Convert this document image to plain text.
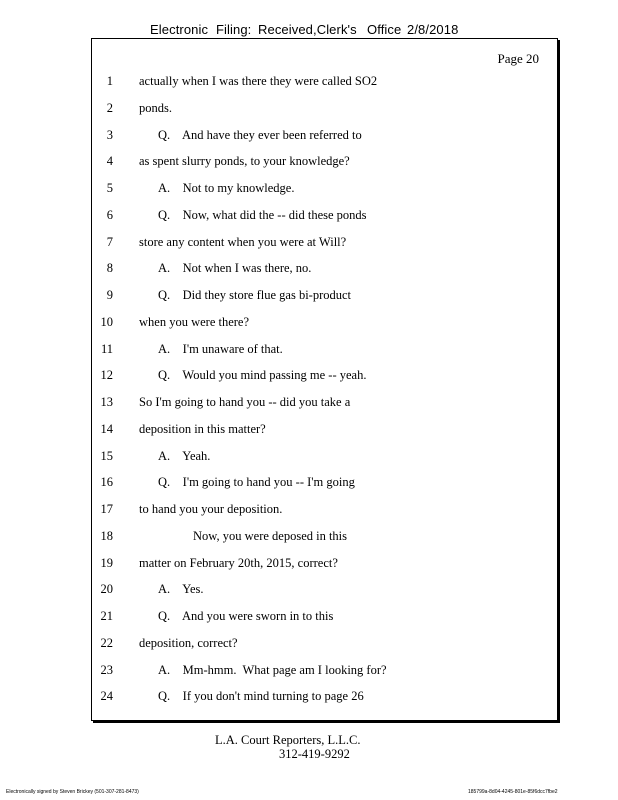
Electronic Filing: Received,Clerk's Office 2/8/2018
Page 20
1 actually when I was there they were called SO2
2 ponds.
3	Q.    And have they ever been referred to
4 as spent slurry ponds, to your knowledge?
5	A.    Not to my knowledge.
6	Q.    Now, what did the -- did these ponds
7 store any content when you were at Will?
8	A.    Not when I was there, no.
9	Q.    Did they store flue gas bi-product
10 when you were there?
11	A.    I'm unaware of that.
12	Q.    Would you mind passing me -- yeah.
13 So I'm going to hand you -- did you take a
14 deposition in this matter?
15	A.    Yeah.
16	Q.    I'm going to hand you -- I'm going
17 to hand you your deposition.
18	Now, you were deposed in this
19 matter on February 20th, 2015, correct?
20	A.    Yes.
21	Q.    And you were sworn in to this
22 deposition, correct?
23	A.    Mm-hmm.  What page am I looking for?
24	Q.    If you don't mind turning to page 26
L.A. Court Reporters, L.L.C.
312-419-9292
Electronically signed by Steven Brickey (501-307-281-8473)	185799a-8d04-4245-801e-85f6dcc7fbe2
